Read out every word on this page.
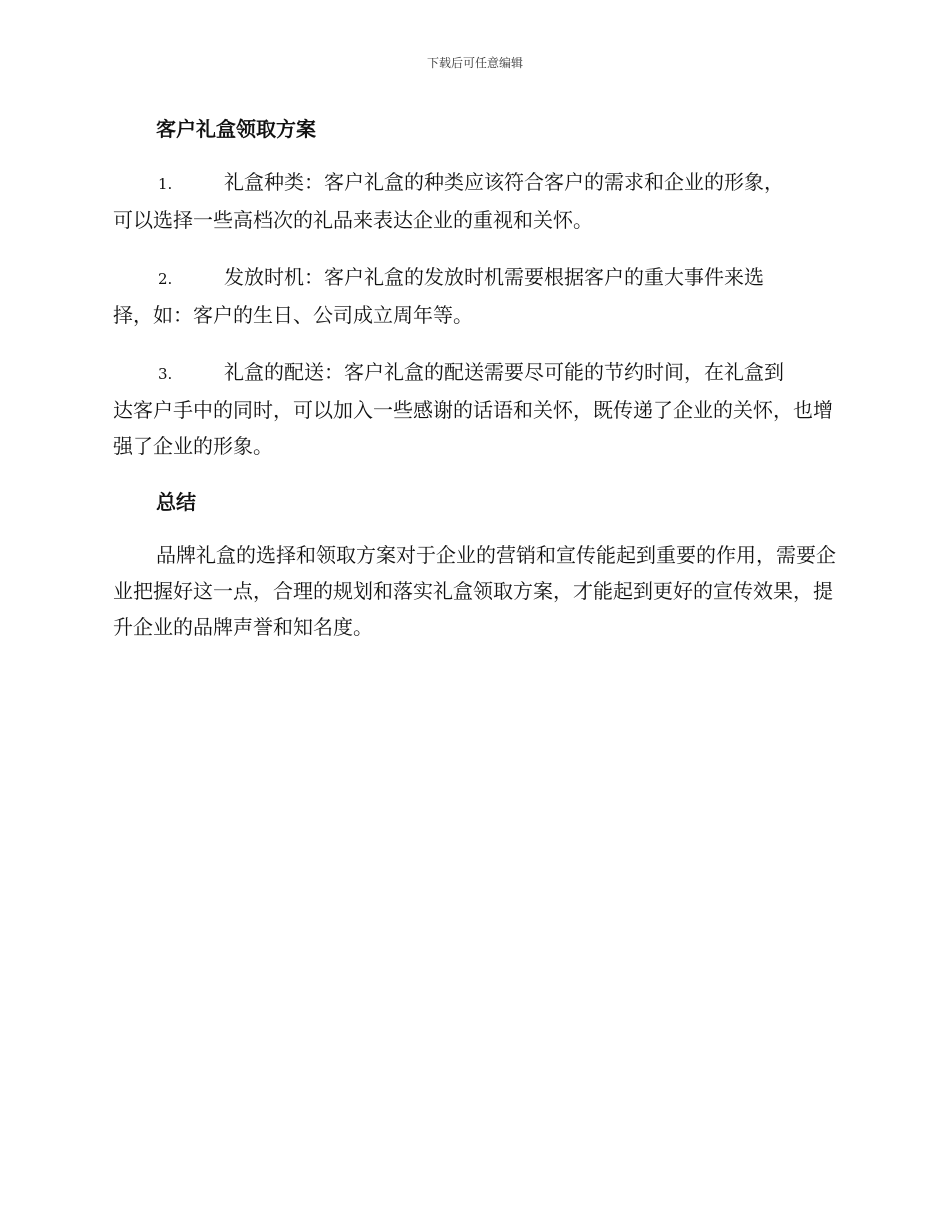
下载后可任意编辑
客户礼盒领取方案
1.	礼盒种类：客户礼盒的种类应该符合客户的需求和企业的形象，
可以选择一些高档次的礼品来表达企业的重视和关怀。
2.	发放时机：客户礼盒的发放时机需要根据客户的重大事件来选
择，如：客户的生日、公司成立周年等。
3.	礼盒的配送：客户礼盒的配送需要尽可能的节约时间，在礼盒到
达客户手中的同时，可以加入一些感谢的话语和关怀，既传递了企业的关怀，也增强了企业的形象。
总结

品牌礼盒的选择和领取方案对于企业的营销和宣传能起到重要的作用，需要企业把握好这一点，合理的规划和落实礼盒领取方案，才能起到更好的宣传效果，提升企业的品牌声誉和知名度。
